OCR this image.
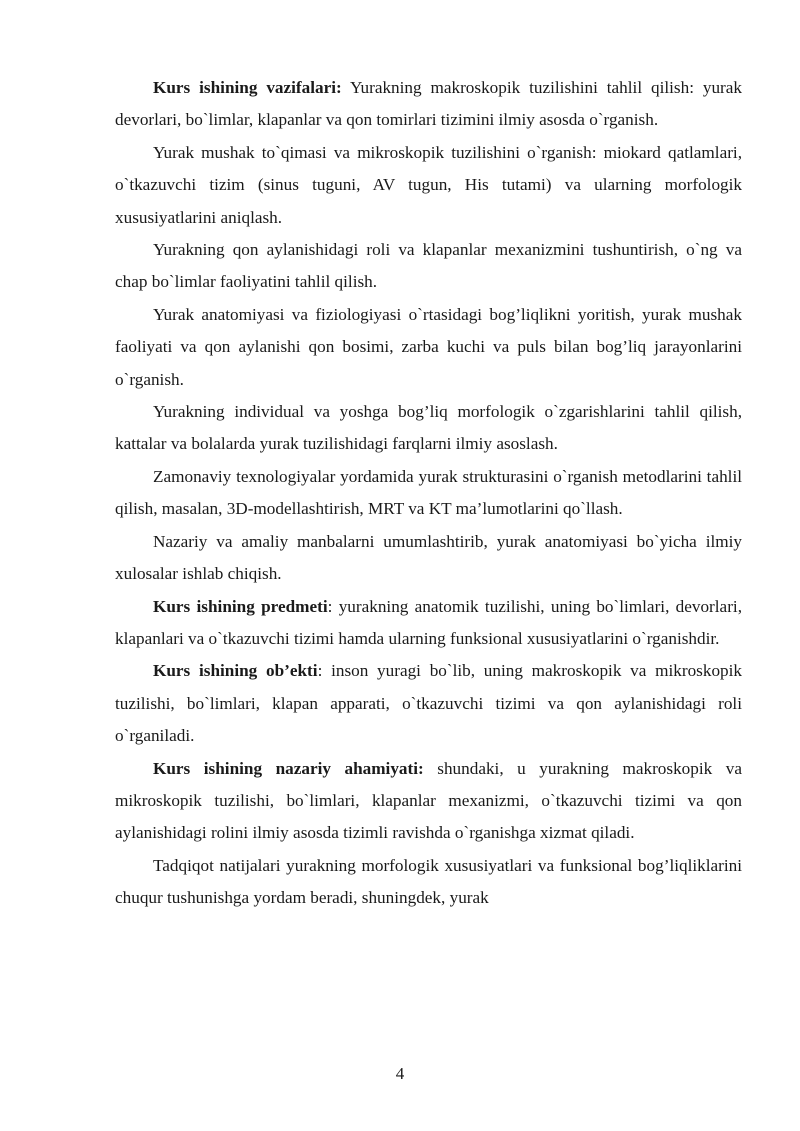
Kurs ishining vazifalari: Yurakning makroskopik tuzilishini tahlil qilish: yurak devorlari, bo`limlar, klapanlar va qon tomirlari tizimini ilmiy asosda o`rganish.

Yurak mushak to`qimasi va mikroskopik tuzilishini o`rganish: miokard qatlamlari, o`tkazuvchi tizim (sinus tuguni, AV tugun, His tutami) va ularning morfologik xususiyatlarini aniqlash.

Yurakning qon aylanishidagi roli va klapanlar mexanizmini tushuntirish, o`ng va chap bo`limlar faoliyatini tahlil qilish.

Yurak anatomiyasi va fiziologiyasi o`rtasidagi bog’liqlikni yoritish, yurak mushak faoliyati va qon aylanishi qon bosimi, zarba kuchi va puls bilan bog’liq jarayonlarini o`rganish.

Yurakning individual va yoshga bog’liq morfologik o`zgarishlarini tahlil qilish, kattalar va bolalarda yurak tuzilishidagi farqlarni ilmiy asoslash.

Zamonaviy texnologiyalar yordamida yurak strukturasini o`rganish metodlarini tahlil qilish, masalan, 3D-modellashtirish, MRT va KT ma’lumotlarini qo`llash.

Nazariy va amaliy manbalarni umumlashtirib, yurak anatomiyasi bo`yicha ilmiy xulosalar ishlab chiqish.

Kurs ishining predmeti: yurakning anatomik tuzilishi, uning bo`limlari, devorlari, klapanlari va o`tkazuvchi tizimi hamda ularning funksional xususiyatlarini o`rganishdir.

Kurs ishining ob’ekti: inson yuragi bo`lib, uning makroskopik va mikroskopik tuzilishi, bo`limlari, klapan apparati, o`tkazuvchi tizimi va qon aylanishidagi roli o`rganiladi.

Kurs ishining nazariy ahamiyati: shundaki, u yurakning makroskopik va mikroskopik tuzilishi, bo`limlari, klapanlar mexanizmi, o`tkazuvchi tizimi va qon aylanishidagi rolini ilmiy asosda tizimli ravishda o`rganishga xizmat qiladi.

Tadqiqot natijalari yurakning morfologik xususiyatlari va funksional bog’liqliklarini chuqur tushunishga yordam beradi, shuningdek, yurak

4
